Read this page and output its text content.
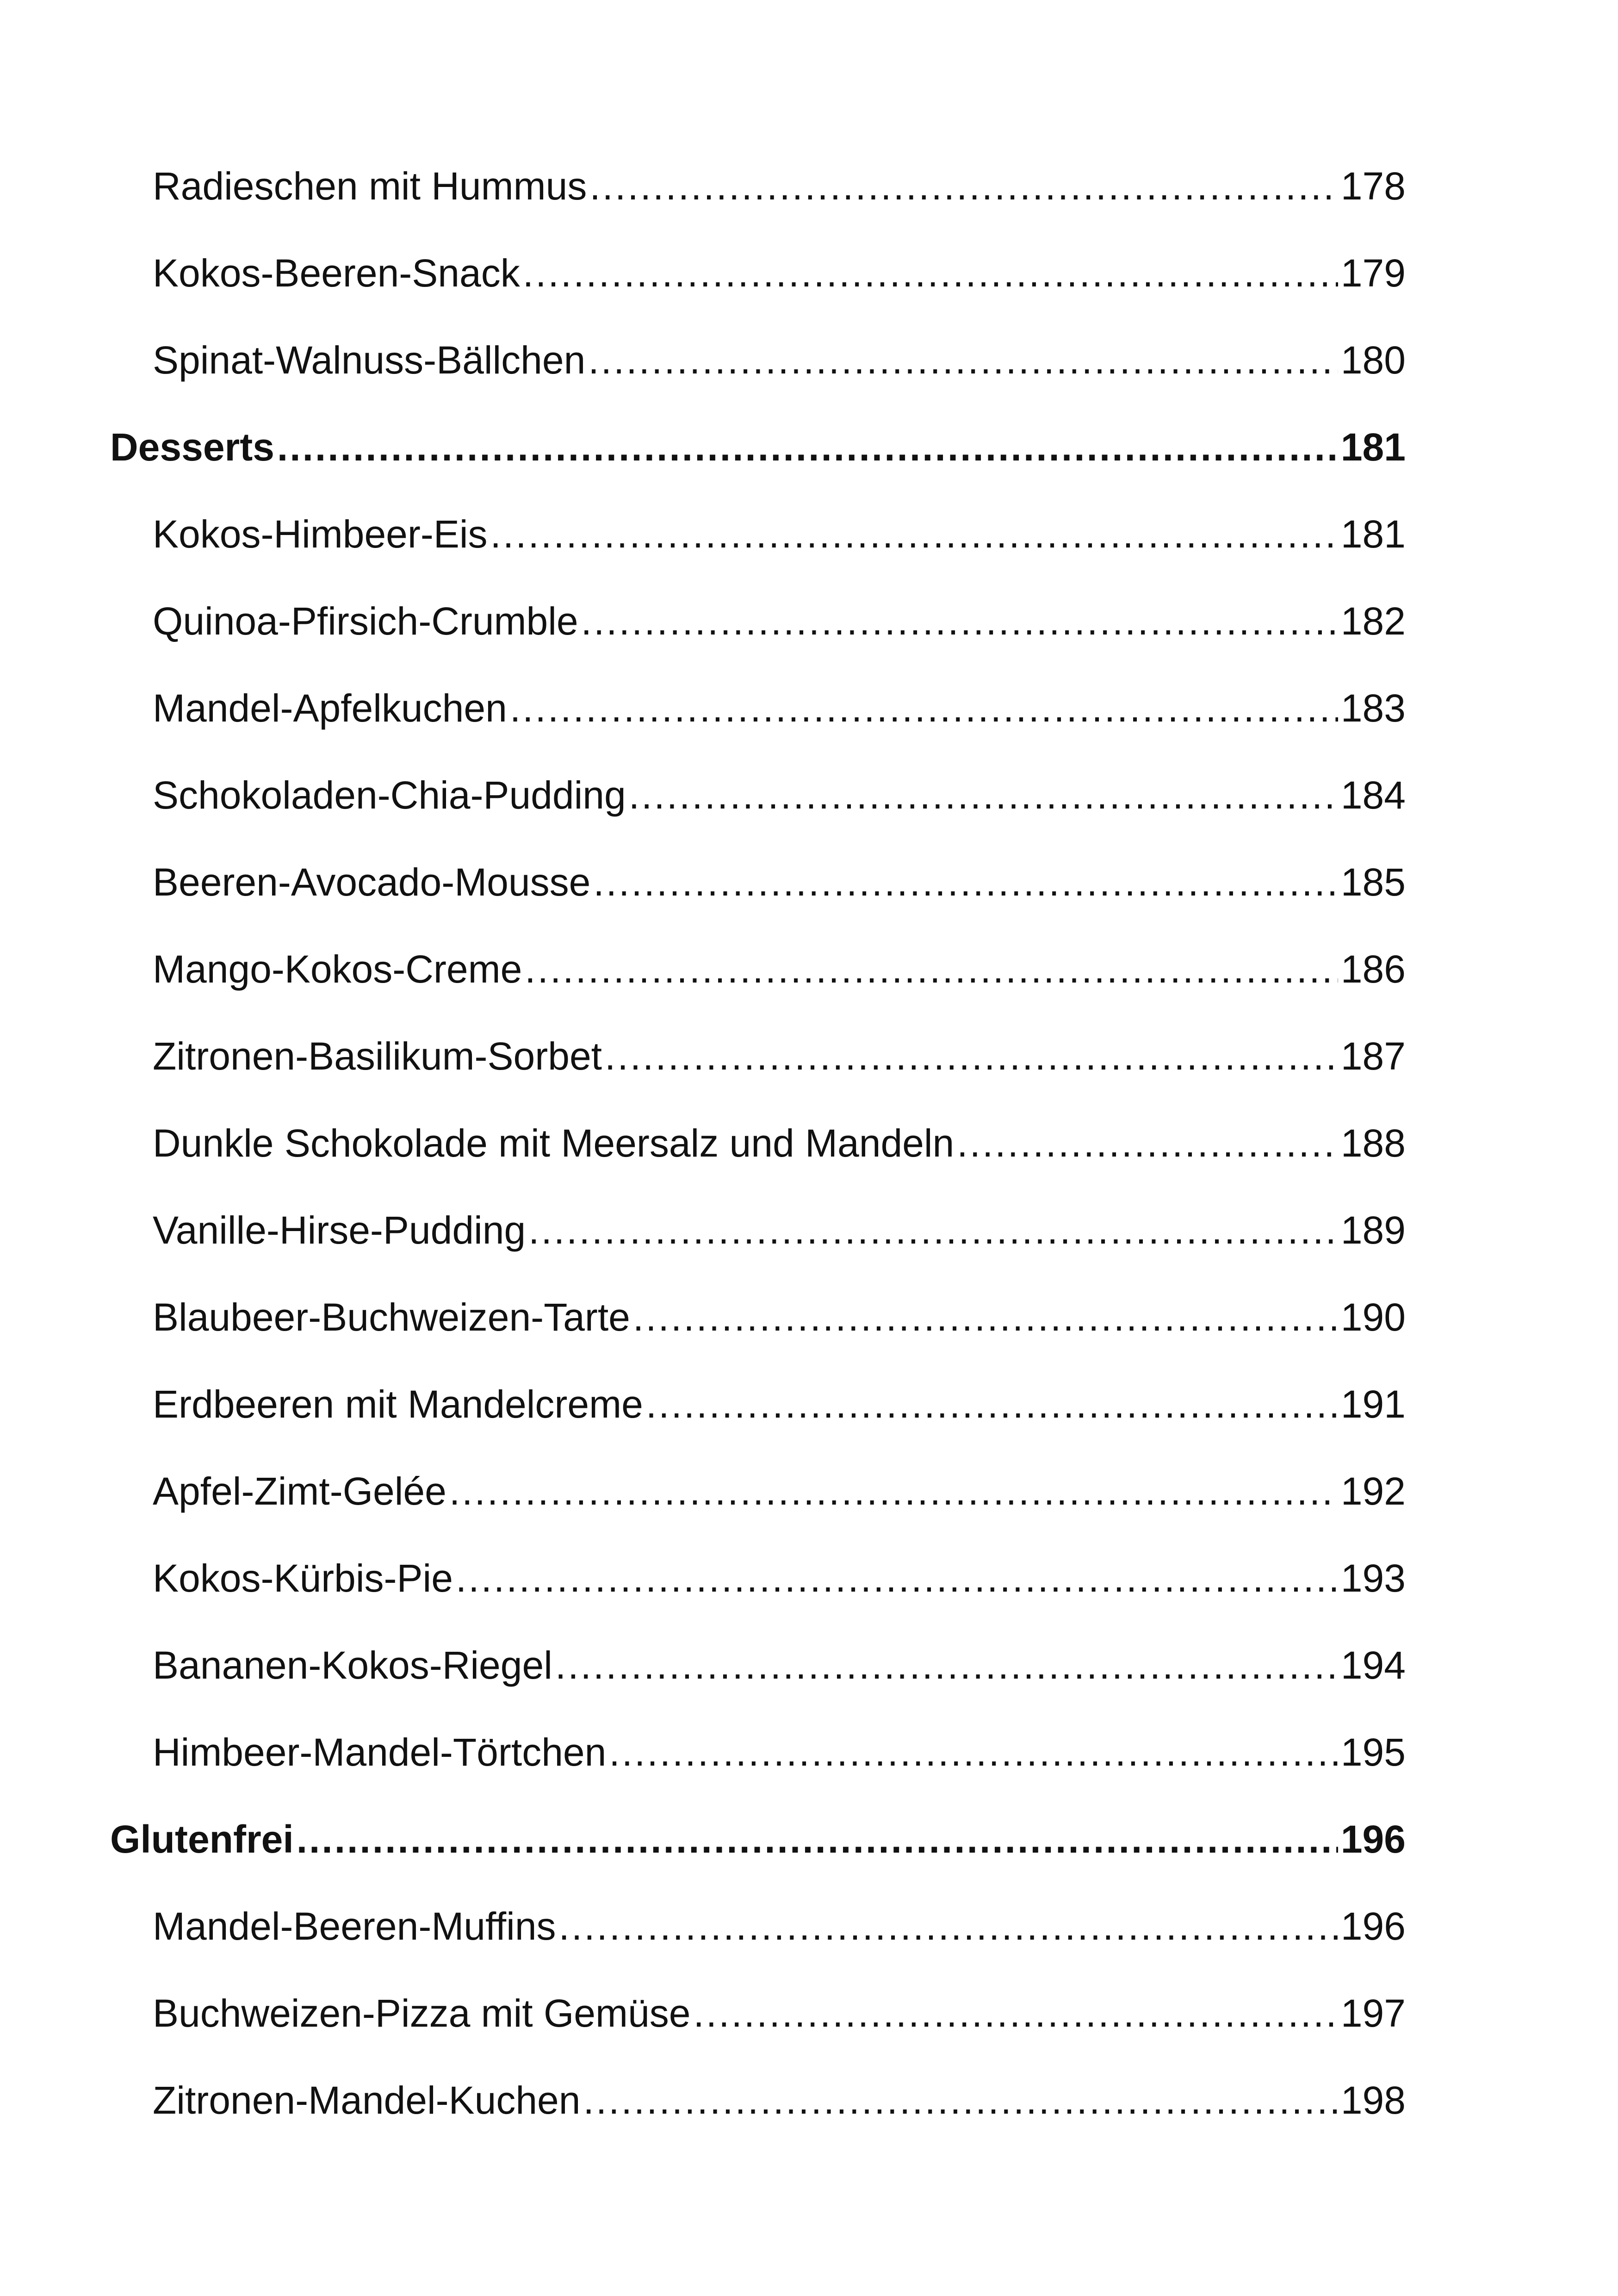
Radieschen mit Hummus .....	178
Kokos-Beeren-Snack .....	179
Spinat-Walnuss-Bällchen .....	180
Desserts .....	181
Kokos-Himbeer-Eis .....	181
Quinoa-Pfirsich-Crumble .....	182
Mandel-Apfelkuchen .....	183
Schokoladen-Chia-Pudding .....	184
Beeren-Avocado-Mousse .....	185
Mango-Kokos-Creme .....	186
Zitronen-Basilikum-Sorbet .....	187
Dunkle Schokolade mit Meersalz und Mandeln .....	188
Vanille-Hirse-Pudding .....	189
Blaubeer-Buchweizen-Tarte .....	190
Erdbeeren mit Mandelcreme .....	191
Apfel-Zimt-Gelée .....	192
Kokos-Kürbis-Pie .....	193
Bananen-Kokos-Riegel .....	194
Himbeer-Mandel-Törtchen .....	195
Glutenfrei .....	196
Mandel-Beeren-Muffins .....	196
Buchweizen-Pizza mit Gemüse .....	197
Zitronen-Mandel-Kuchen .....	198
